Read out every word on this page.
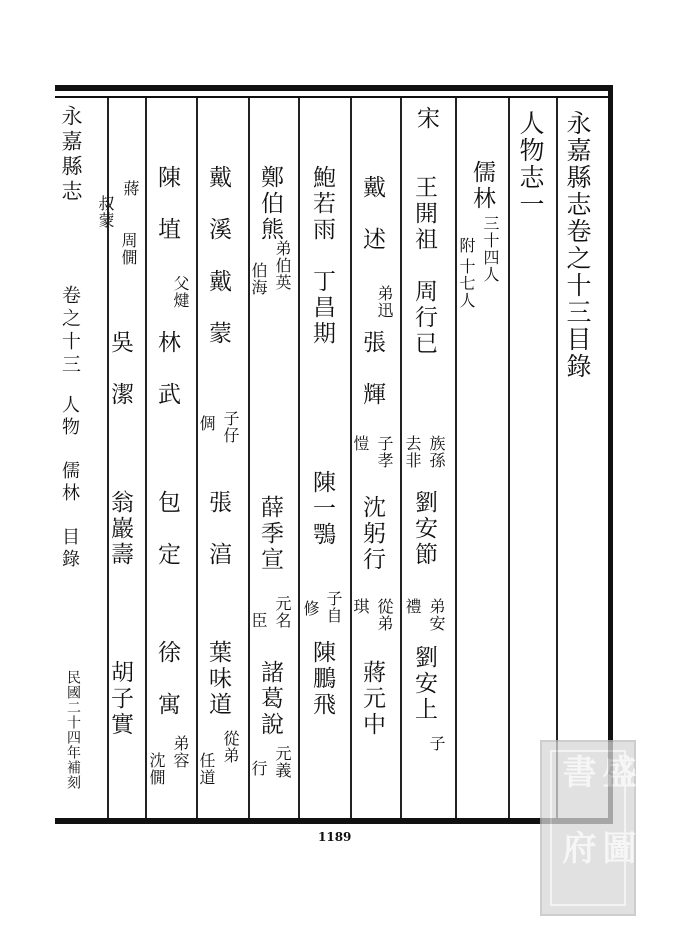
永嘉縣志卷之十三目錄
人物志一
儒林
三十四人
附
十七人
宋
王開祖　周行已
族孫
去非
劉安節
弟安
禮
劉安上
子
戴　述
弟迅
張　輝
子孝
愷
沈躬行
從弟
琪
蔣元中
鮑若雨　丁昌期
陳一鶚
子自
修
陳鵬飛
鄭伯熊
弟伯英
伯海
薛季宣
元名
臣
諸葛說
元義
行
戴　溪　戴　蒙
子仔
倜
張　湻
葉味道
從弟
任道
陳　埴
父煡
林　武
包　定
徐　寓
弟容
沈僩
蔣
叔蒙
周僩
吳　潔
翁巖壽
胡子實
永嘉縣志
卷之十三
人物　儒林　目錄
民國二十四年補刻
1189
盛
圖
書
府
